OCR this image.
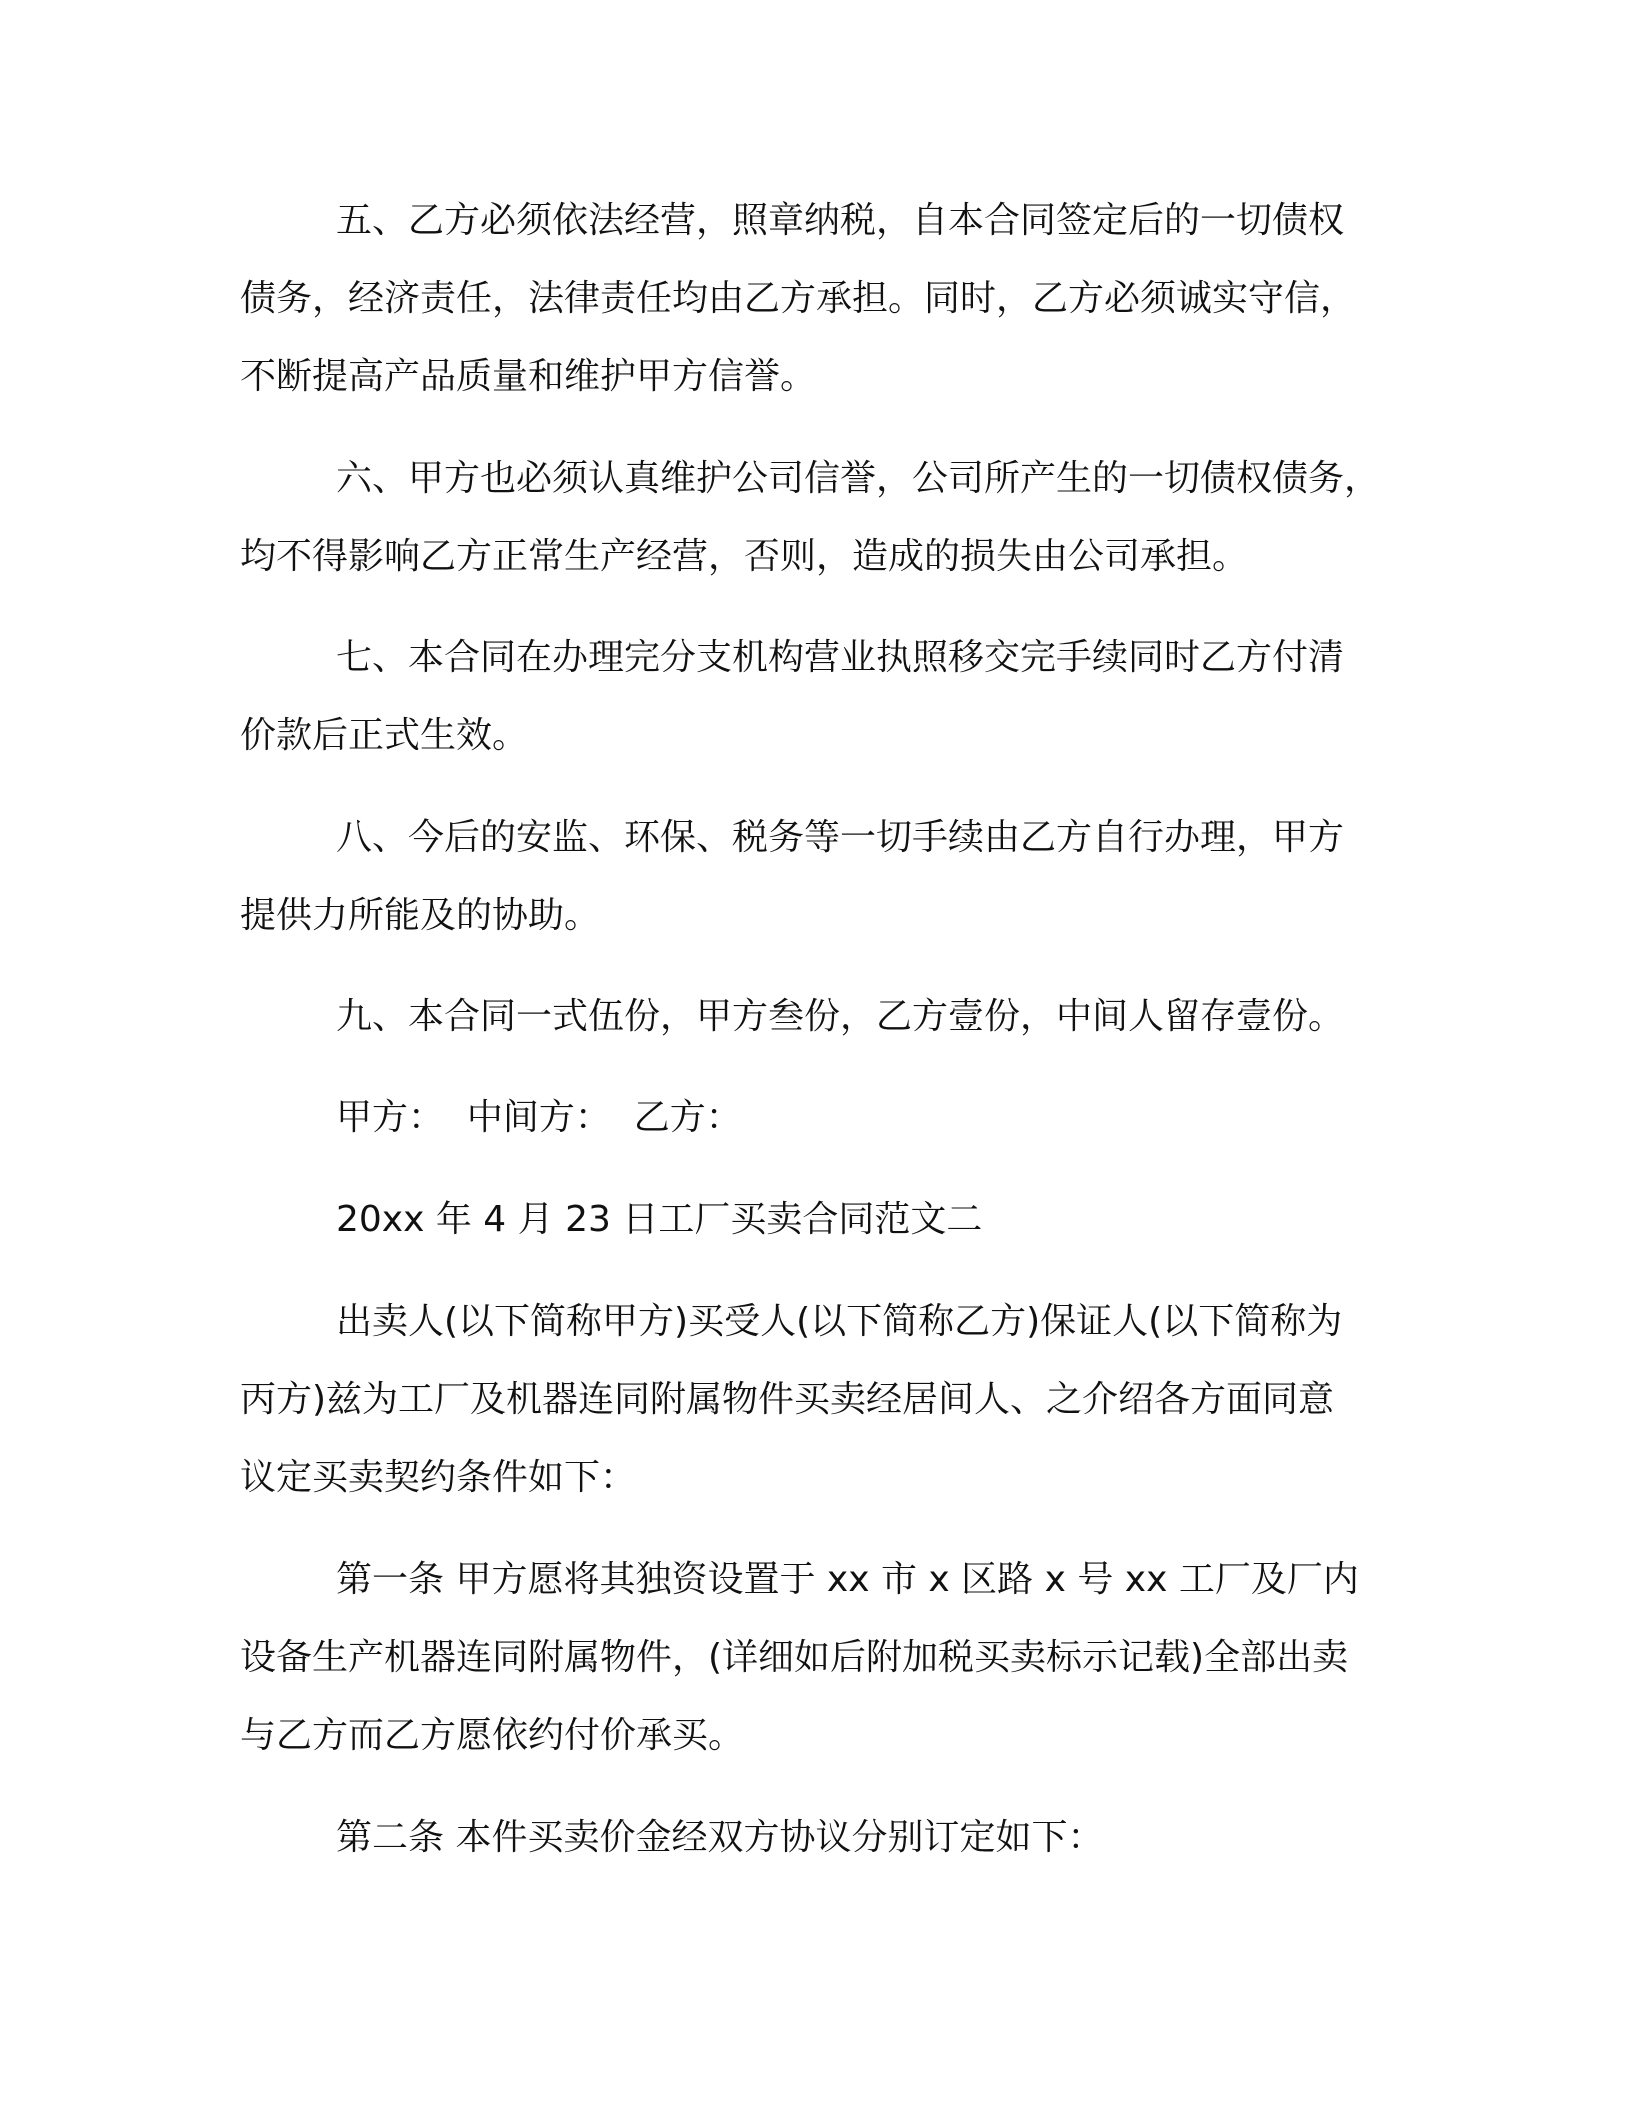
五、乙方必须依法经营，照章纳税，自本合同签定后的一切债权
债务，经济责任，法律责任均由乙方承担。同时，乙方必须诚实守信，
不断提高产品质量和维护甲方信誉。
六、甲方也必须认真维护公司信誉，公司所产生的一切债权债务，
均不得影响乙方正常生产经营，否则，造成的损失由公司承担。
七、本合同在办理完分支机构营业执照移交完手续同时乙方付清
价款后正式生效。
八、今后的安监、环保、税务等一切手续由乙方自行办理，甲方
提供力所能及的协助。
九、本合同一式伍份，甲方叁份，乙方壹份，中间人留存壹份。
甲方：  中间方：  乙方：
20xx 年 4 月 23 日工厂买卖合同范文二
出卖人(以下简称甲方)买受人(以下简称乙方)保证人(以下简称为
丙方)兹为工厂及机器连同附属物件买卖经居间人、之介绍各方面同意
议定买卖契约条件如下：
第一条 甲方愿将其独资设置于 xx 市 x 区路 x 号 xx 工厂及厂内
设备生产机器连同附属物件，(详细如后附加税买卖标示记载)全部出卖
与乙方而乙方愿依约付价承买。
第二条 本件买卖价金经双方协议分别订定如下：
